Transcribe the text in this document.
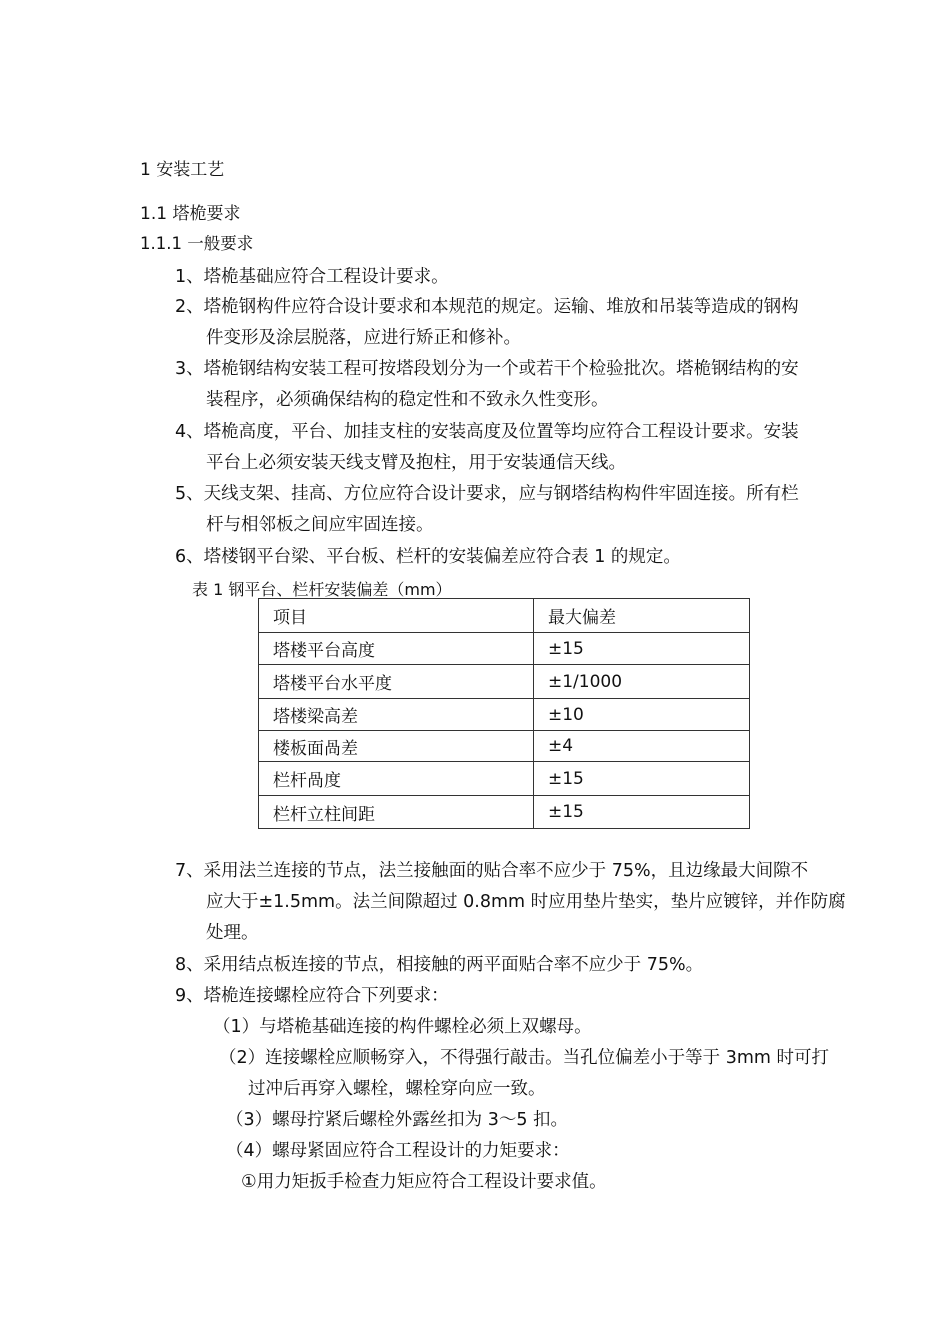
1 安装工艺
1.1 塔桅要求
1.1.1 一般要求
1、塔桅基础应符合工程设计要求。
2、塔桅钢构件应符合设计要求和本规范的规定。运输、堆放和吊装等造成的钢构
件变形及涂层脱落，应进行矫正和修补。
3、塔桅钢结构安装工程可按塔段划分为一个或若干个检验批次。塔桅钢结构的安
装程序，必须确保结构的稳定性和不致永久性变形。
4、塔桅高度，平台、加挂支柱的安装高度及位置等均应符合工程设计要求。安装
平台上必须安装天线支臂及抱柱，用于安装通信天线。
5、天线支架、挂高、方位应符合设计要求，应与钢塔结构构件牢固连接。所有栏
杆与相邻板之间应牢固连接。
6、塔楼钢平台梁、平台板、栏杆的安装偏差应符合表 1 的规定。
表 1 钢平台、栏杆安装偏差（mm）
项目	最大偏差
塔楼平台高度	±15
塔楼平台水平度	±1/1000
塔楼梁高差	±10
楼板面咼差	±4
栏杆咼度	±15
栏杆立柱间距	±15
7、采用法兰连接的节点，法兰接触面的贴合率不应少于 75%，且边缘最大间隙不
应大于±1.5mm。法兰间隙超过 0.8mm 时应用垫片垫实，垫片应镀锌，并作防腐
处理。
8、采用结点板连接的节点，相接触的两平面贴合率不应少于 75%。
9、塔桅连接螺栓应符合下列要求：
（1）与塔桅基础连接的构件螺栓必须上双螺母。
（2）连接螺栓应顺畅穿入，不得强行敲击。当孔位偏差小于等于 3mm 时可打
过冲后再穿入螺栓，螺栓穿向应一致。
（3）螺母拧紧后螺栓外露丝扣为 3～5 扣。
（4）螺母紧固应符合工程设计的力矩要求：
①用力矩扳手检查力矩应符合工程设计要求值。
